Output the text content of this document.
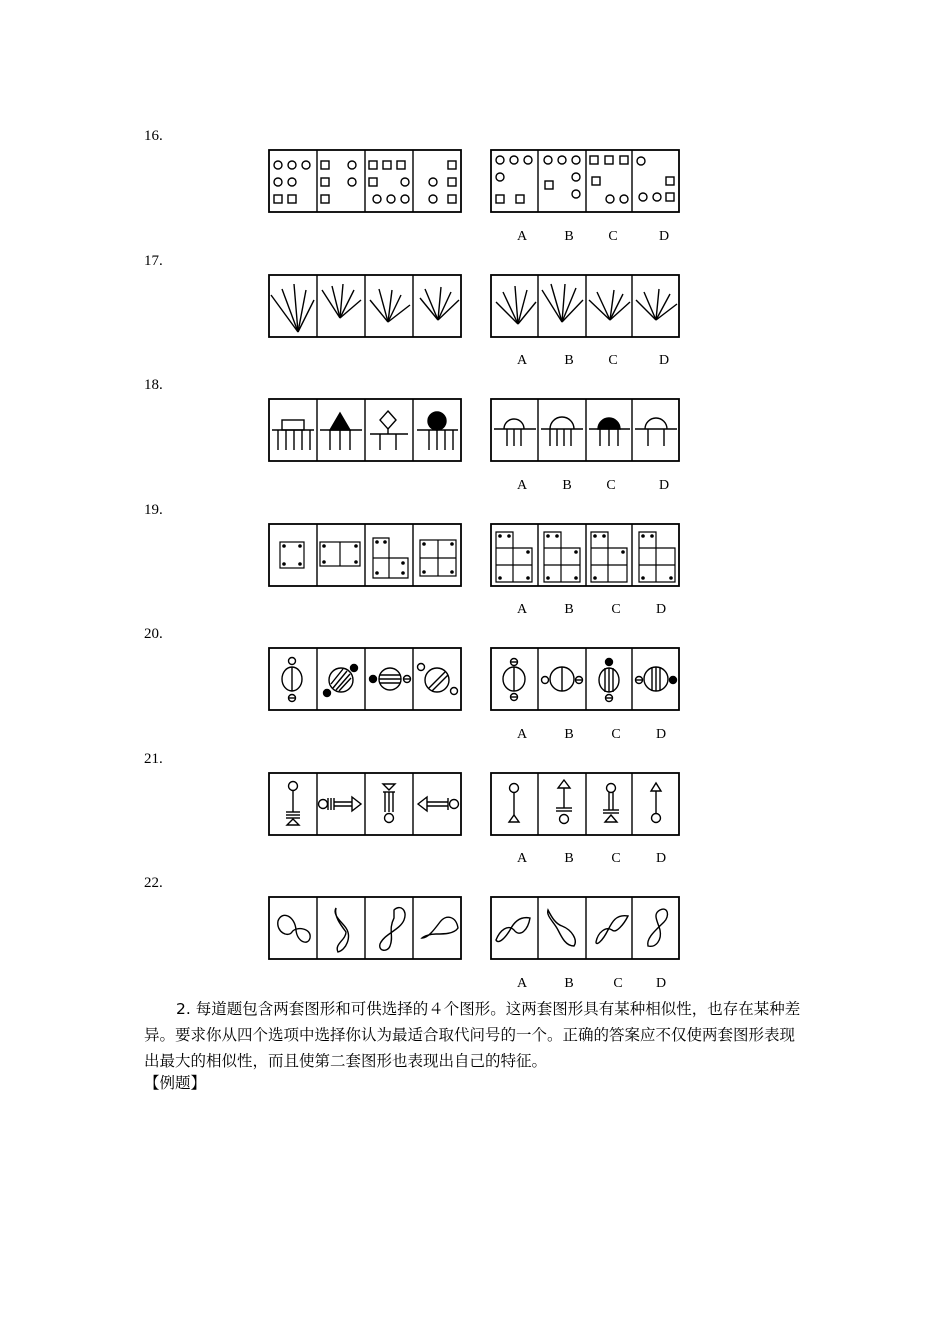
16.
17.
18.
19.
20.
21.
22.
A	B	C	D
A	B	C	D
A	B	C	D
A	B	C	D
A	B	C	D
A	B	C	D
A	B	C	D

2. 每道题包含两套图形和可供选择的４个图形。这两套图形具有某种相似性，也存在某种差异。要求你从四个选项中选择你认为最适合取代问号的一个。正确的答案应不仅使两套图形表现出最大的相似性，而且使第二套图形也表现出自己的特征。

【例题】
